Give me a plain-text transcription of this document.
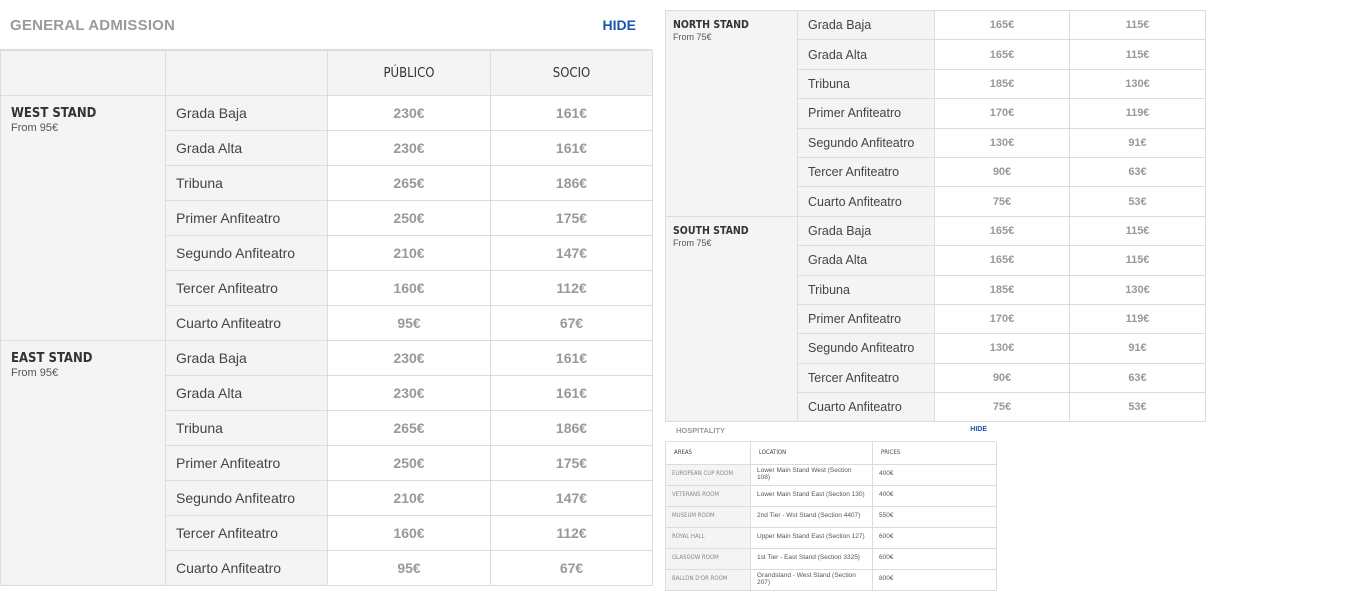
GENERAL ADMISSION	HIDE
		PÚBLICO	SOCIO

WEST STAND
From 95€	Grada Baja	230€	161€
	Grada Alta	230€	161€
	Tribuna	265€	186€
	Primer Anfiteatro	250€	175€
	Segundo Anfiteatro	210€	147€
	Tercer Anfiteatro	160€	112€
	Cuarto Anfiteatro	95€	67€

EAST STAND
From 95€	Grada Baja	230€	161€
	Grada Alta	230€	161€
	Tribuna	265€	186€
	Primer Anfiteatro	250€	175€
	Segundo Anfiteatro	210€	147€
	Tercer Anfiteatro	160€	112€
	Cuarto Anfiteatro	95€	67€
NORTH STAND
From 75€	Grada Baja	165€	115€
	Grada Alta	165€	115€
	Tribuna	185€	130€
	Primer Anfiteatro	170€	119€
	Segundo Anfiteatro	130€	91€
	Tercer Anfiteatro	90€	63€
	Cuarto Anfiteatro	75€	53€

SOUTH STAND
From 75€	Grada Baja	165€	115€
	Grada Alta	165€	115€
	Tribuna	185€	130€
	Primer Anfiteatro	170€	119€
	Segundo Anfiteatro	130€	91€
	Tercer Anfiteatro	90€	63€
	Cuarto Anfiteatro	75€	53€
HOSPITALITY	HIDE
AREAS	LOCATION	PRICES
EUROPEAN CUP ROOM	Lower Main Stand West (Section 108)	400€
VETERANS ROOM	Lower Main Stand East (Section 130)	400€
MUSEUM ROOM	2nd Tier - Wst Stand (Section 4407)	550€
ROYAL HALL	Upper Main Stand East (Section 127)	600€
GLASGOW ROOM	1st Tier - East Stand (Section 3325)	600€
BALLON D'OR ROOM	Grandstand - West Stand (Section 207)	800€
